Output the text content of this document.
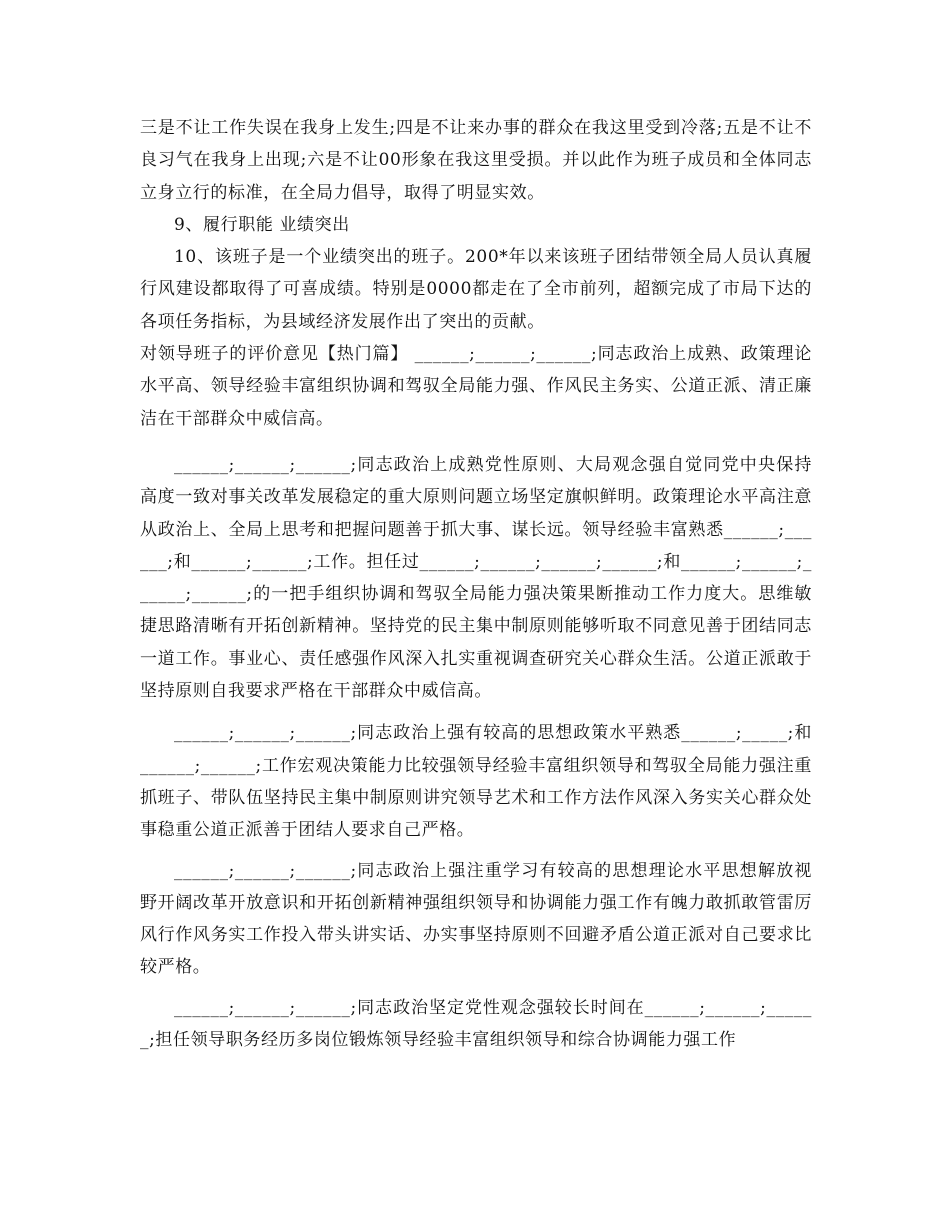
三是不让工作失误在我身上发生;四是不让来办事的群众在我这里受到冷落;五是不让不良习气在我身上出现;六是不让00形象在我这里受损。并以此作为班子成员和全体同志立身立行的标准，在全局力倡导，取得了明显实效。

9、履行职能 业绩突出

10、该班子是一个业绩突出的班子。200*年以来该班子团结带领全局人员认真履行风建设都取得了可喜成绩。特别是0000都走在了全市前列，超额完成了市局下达的各项任务指标，为县域经济发展作出了突出的贡献。

对领导班子的评价意见【热门篇】 ______;______;______;同志政治上成熟、政策理论水平高、领导经验丰富组织协调和驾驭全局能力强、作风民主务实、公道正派、清正廉洁在干部群众中威信高。

______;______;______;同志政治上成熟党性原则、大局观念强自觉同党中央保持高度一致对事关改革发展稳定的重大原则问题立场坚定旗帜鲜明。政策理论水平高注意从政治上、全局上思考和把握问题善于抓大事、谋长远。领导经验丰富熟悉______;______;和______;______;工作。担任过______;______;______;______;和______;______;______;______;的一把手组织协调和驾驭全局能力强决策果断推动工作力度大。思维敏捷思路清晰有开拓创新精神。坚持党的民主集中制原则能够听取不同意见善于团结同志一道工作。事业心、责任感强作风深入扎实重视调查研究关心群众生活。公道正派敢于坚持原则自我要求严格在干部群众中威信高。

______;______;______;同志政治上强有较高的思想政策水平熟悉______;_____;和______;______;工作宏观决策能力比较强领导经验丰富组织领导和驾驭全局能力强注重抓班子、带队伍坚持民主集中制原则讲究领导艺术和工作方法作风深入务实关心群众处事稳重公道正派善于团结人要求自己严格。

______;______;______;同志政治上强注重学习有较高的思想理论水平思想解放视野开阔改革开放意识和开拓创新精神强组织领导和协调能力强工作有魄力敢抓敢管雷厉风行作风务实工作投入带头讲实话、办实事坚持原则不回避矛盾公道正派对自己要求比较严格。

______;______;______;同志政治坚定党性观念强较长时间在______;______;______;担任领导职务经历多岗位锻炼领导经验丰富组织领导和综合协调能力强工作
